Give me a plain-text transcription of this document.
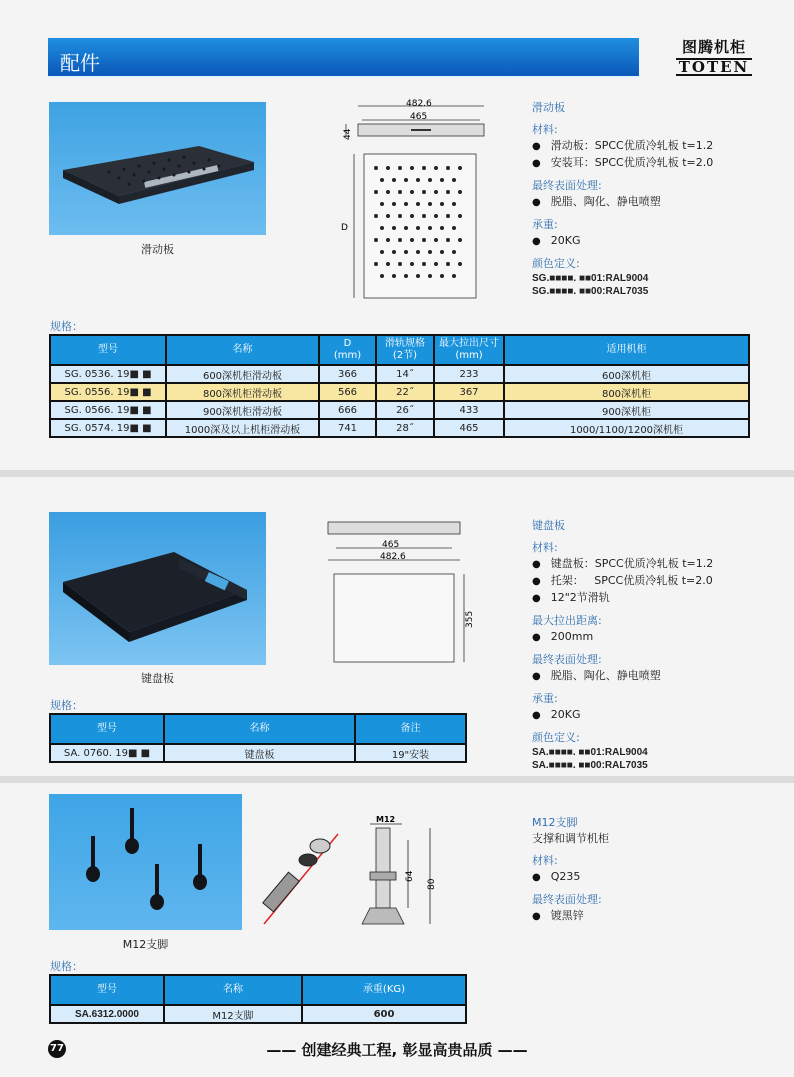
配件
图腾机柜
TOTEN
滑动板
482.6
465
44
D
滑动板
材料:
● 滑动板：SPCC优质冷轧板 t=1.2
● 安装耳：SPCC优质冷轧板 t=2.0
最终表面处理:
● 脱脂、陶化、静电喷塑
承重:
● 20KG
颜色定义:
SG.■■■■. ■■01:RAL9004
SG.■■■■. ■■00:RAL7035
规格：
型号	名称	D
(mm)	滑轨规格
(2节)	最大拉出尺寸
(mm)	适用机柜
SG. 0536. 19■ ■	600深机柜滑动板	366	14˝	233	600深机柜
SG. 0556. 19■ ■	800深机柜滑动板	566	22˝	367	800深机柜
SG. 0566. 19■ ■	900深机柜滑动板	666	26˝	433	900深机柜
SG. 0574. 19■ ■	1000深及以上机柜滑动板	741	28˝	465	1000/1100/1200深机柜
键盘板
465
482.6
355
键盘板
材料:
● 键盘板：SPCC优质冷轧板 t=1.2
● 托架：   SPCC优质冷轧板 t=2.0
● 12"2节滑轨
最大拉出距离:
● 200mm
最终表面处理:
● 脱脂、陶化、静电喷塑
承重:
● 20KG
颜色定义:
SA.■■■■. ■■01:RAL9004
SA.■■■■. ■■00:RAL7035
规格：
型号	名称	备注
SA. 0760. 19■ ■	键盘板	19"安装
M12支脚
M12
64
80
M12支脚
支撑和调节机柜
材料:
● Q235
最终表面处理:
● 镀黑锌
规格：
型号	名称	承重(KG)
SA.6312.0000	M12支脚	600
77	—— 创建经典工程, 彰显高贵品质 ——
